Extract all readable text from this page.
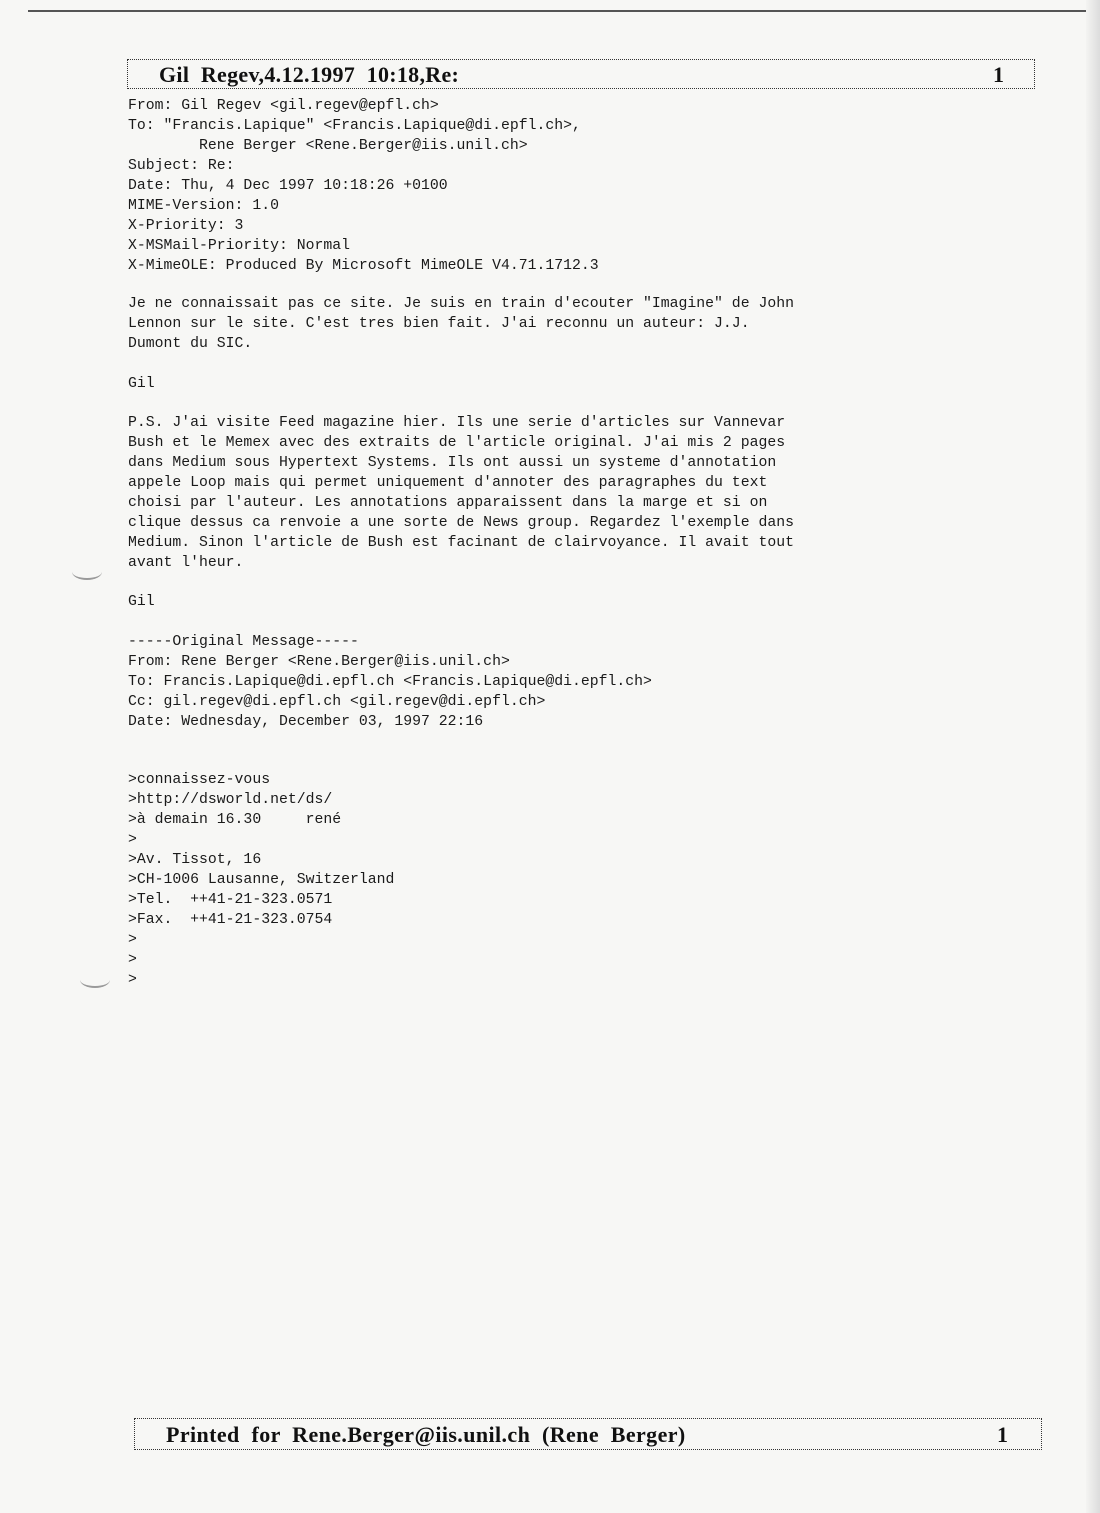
Gil  Regev,4.12.1997  10:18,Re:	1
From: Gil Regev <gil.regev@epfl.ch>
To: "Francis.Lapique" <Francis.Lapique@di.epfl.ch>,
Rene Berger <Rene.Berger@iis.unil.ch>
Subject: Re:
Date: Thu, 4 Dec 1997 10:18:26 +0100
MIME-Version: 1.0
X-Priority: 3
X-MSMail-Priority: Normal
X-MimeOLE: Produced By Microsoft MimeOLE V4.71.1712.3
Je ne connaissait pas ce site. Je suis en train d'ecouter "Imagine" de John
Lennon sur le site. C'est tres bien fait. J'ai reconnu un auteur: J.J.
Dumont du SIC.
Gil
P.S. J'ai visite Feed magazine hier. Ils une serie d'articles sur Vannevar
Bush et le Memex avec des extraits de l'article original. J'ai mis 2 pages
dans Medium sous Hypertext Systems. Ils ont aussi un systeme d'annotation
appele Loop mais qui permet uniquement d'annoter des paragraphes du text
choisi par l'auteur. Les annotations apparaissent dans la marge et si on
clique dessus ca renvoie a une sorte de News group. Regardez l'exemple dans
Medium. Sinon l'article de Bush est facinant de clairvoyance. Il avait tout
avant l'heur.
Gil
-----Original Message-----
From: Rene Berger <Rene.Berger@iis.unil.ch>
To: Francis.Lapique@di.epfl.ch <Francis.Lapique@di.epfl.ch>
Cc: gil.regev@di.epfl.ch <gil.regev@di.epfl.ch>
Date: Wednesday, December 03, 1997 22:16
>connaissez-vous
>http://dsworld.net/ds/
>à demain 16.30     rené
>
>Av. Tissot, 16
>CH-1006 Lausanne, Switzerland
>Tel.  ++41-21-323.0571
>Fax.  ++41-21-323.0754
>
>
>
Printed  for  Rene.Berger@iis.unil.ch  (Rene  Berger)	1
